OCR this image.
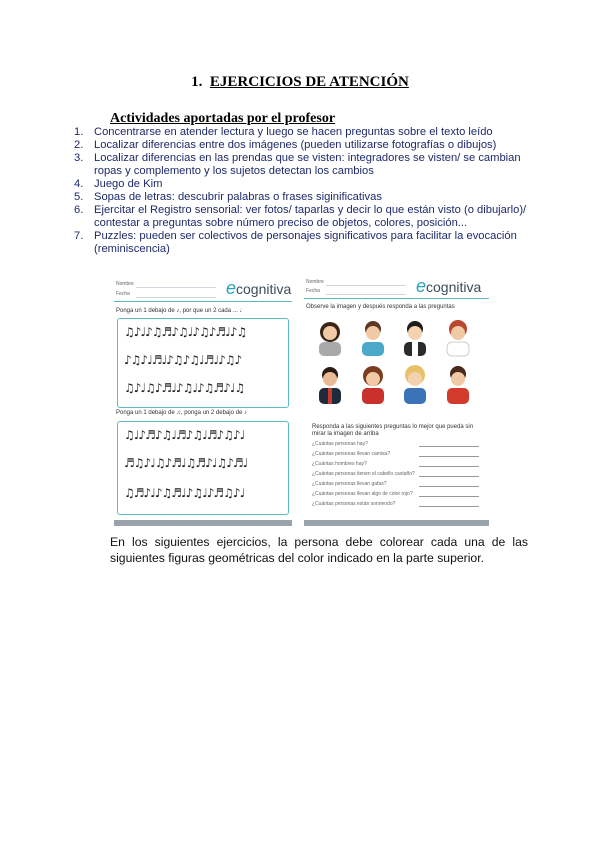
1. EJERCICIOS DE ATENCIÓN
Actividades aportadas por el profesor
1. Concentrarse en atender lectura y luego se hacen preguntas sobre el texto leído
2. Localizar diferencias entre dos imágenes (pueden utilizarse fotografías o dibujos)
3. Localizar diferencias en las prendas que se visten: integradores se visten/ se cambian ropas y complemento y los sujetos detectan los cambios
4. Juego de Kim
5. Sopas de letras: descubrir palabras o frases siginificativas
6. Ejercitar el Registro sensorial: ver fotos/ taparlas y decir lo que están visto (o dibujarlo)/ contestar a preguntas sobre número preciso de objetos, colores, posición...
7. Puzzles: pueden ser colectivos de personajes significativos para facilitar la evocación (reminiscencia)
Nombre
Fecha	ecognitiva
Ponga un 1 debajo de ♪, por que un 2 cada ... ♩
♫♪♩♪♫♬♪♫♩♪♫♪♬♩♪♫
♪♫♪♩♬♩♪♫♪♫♩♬♩♪♫♪
♫♪♩♫♪♬♩♪♫♩♪♫♬♪♩♫
Ponga un 1 debajo de ♫, ponga un 2 debajo de ♪
♫♩♪♬♪♫♩♬♪♫♩♬♪♫♪♩
♬♫♪♩♫♪♬♩♫♬♪♩♫♪♬♩
♫♬♪♩♪♫♬♩♪♫♩♪♬♫♪♩
Nombre
Fecha	ecognitiva
Observe la imagen y después responda a las preguntas
Responda a las siguientes preguntas lo mejor que pueda sin mirar la imagen de arriba
¿Cuántas personas hay?
¿Cuántas personas llevan camisa?
¿Cuántas hombres hay?
¿Cuántas personas tienen el cabello castaño?
¿Cuántas personas llevan gafas?
¿Cuántas personas llevan algo de color rojo?
¿Cuántas personas están sonriendo?
En los siguientes ejercicios, la persona debe colorear cada una de las siguientes figuras geométricas del color indicado en la parte superior.
